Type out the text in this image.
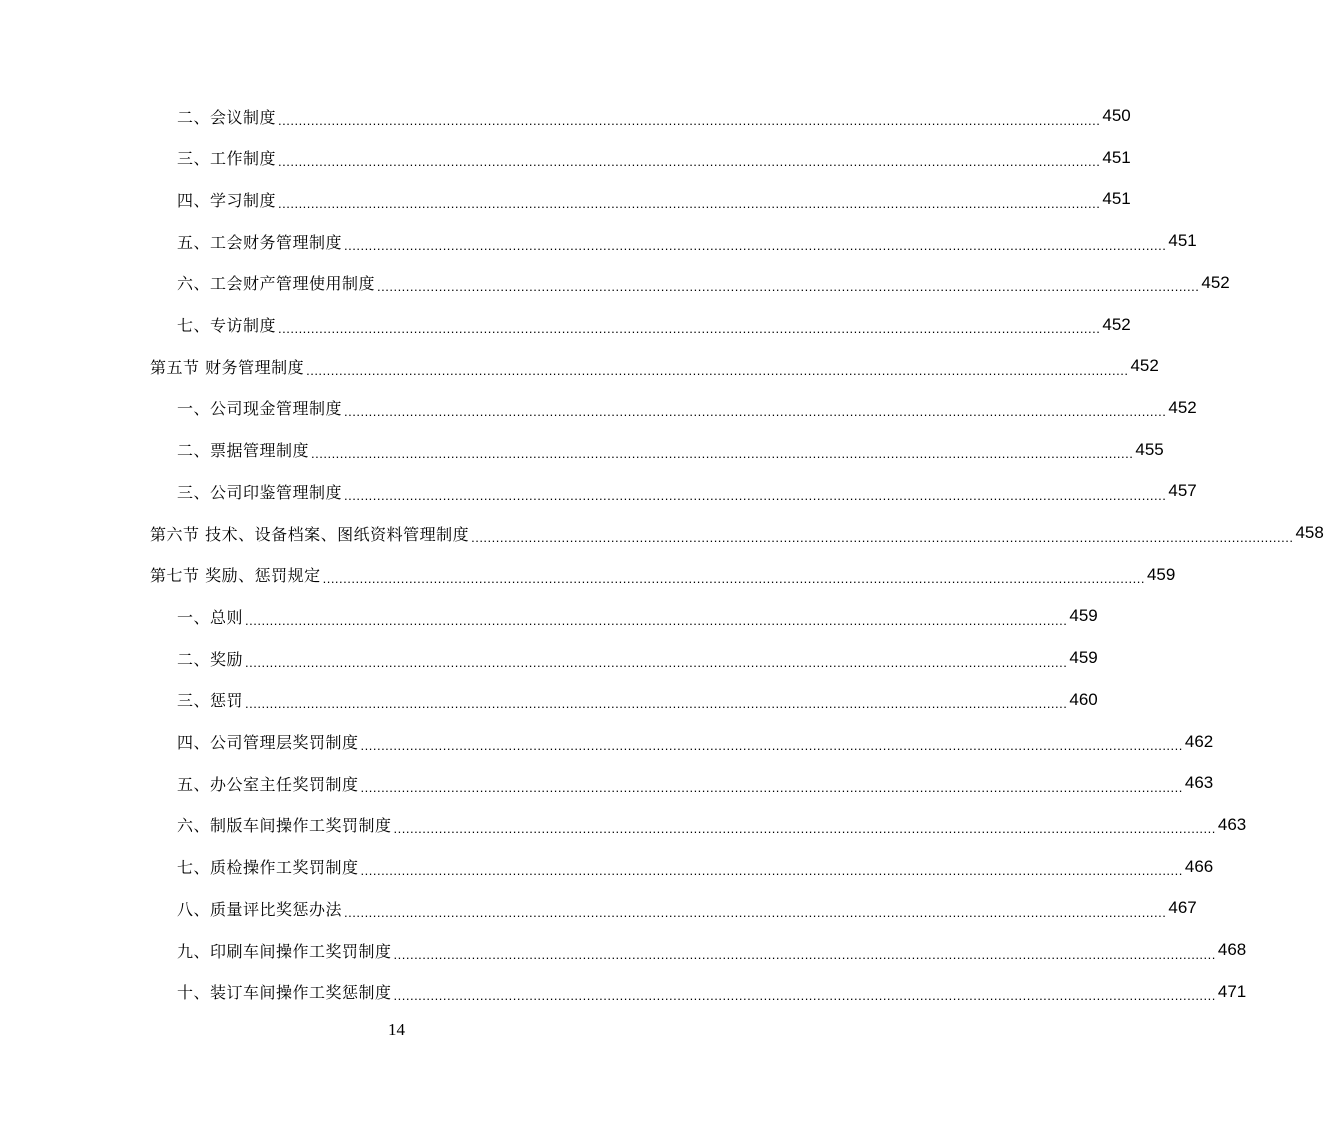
二、会议制度 ........................................................................................................................................................................................................ 450
三、工作制度 ........................................................................................................................................................................................................ 451
四、学习制度 ........................................................................................................................................................................................................ 451
五、工会财务管理制度 ........................................................................................................................................................................................................ 451
六、工会财产管理使用制度 ........................................................................................................................................................................................................ 452
七、专访制度 ........................................................................................................................................................................................................ 452
第五节 财务管理制度 ........................................................................................................................................................................................................ 452
一、公司现金管理制度 ........................................................................................................................................................................................................ 452
二、票据管理制度 ........................................................................................................................................................................................................ 455
三、公司印鉴管理制度 ........................................................................................................................................................................................................ 457
第六节 技术、设备档案、图纸资料管理制度 ........................................................................................................................................................................................................ 458
第七节 奖励、惩罚规定 ........................................................................................................................................................................................................ 459
一、总则 ........................................................................................................................................................................................................ 459
二、奖励 ........................................................................................................................................................................................................ 459
三、惩罚 ........................................................................................................................................................................................................ 460
四、公司管理层奖罚制度 ........................................................................................................................................................................................................ 462
五、办公室主任奖罚制度 ........................................................................................................................................................................................................ 463
六、制版车间操作工奖罚制度 ........................................................................................................................................................................................................ 463
七、质检操作工奖罚制度 ........................................................................................................................................................................................................ 466
八、质量评比奖惩办法 ........................................................................................................................................................................................................ 467
九、印刷车间操作工奖罚制度 ........................................................................................................................................................................................................ 468
十、装订车间操作工奖惩制度 ........................................................................................................................................................................................................ 471
14
